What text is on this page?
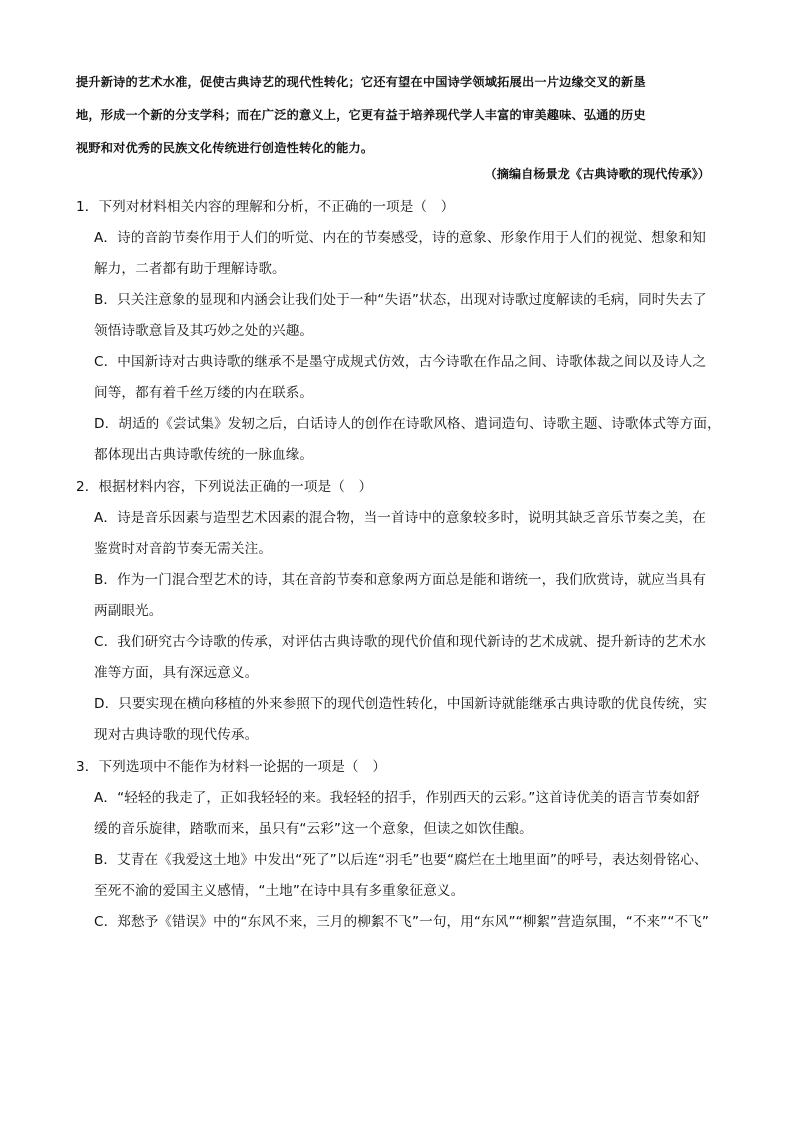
提升新诗的艺术水准，促使古典诗艺的现代性转化；它还有望在中国诗学领域拓展出一片边缘交叉的新垦
地，形成一个新的分支学科；而在广泛的意义上，它更有益于培养现代学人丰富的审美趣味、弘通的历史
视野和对优秀的民族文化传统进行创造性转化的能力。
（摘编自杨景龙《古典诗歌的现代传承》）
1．下列对材料相关内容的理解和分析，不正确的一项是（　）
A．诗的音韵节奏作用于人们的听觉、内在的节奏感受，诗的意象、形象作用于人们的视觉、想象和知
解力，二者都有助于理解诗歌。
B．只关注意象的显现和内涵会让我们处于一种“失语”状态，出现对诗歌过度解读的毛病，同时失去了
领悟诗歌意旨及其巧妙之处的兴趣。
C．中国新诗对古典诗歌的继承不是墨守成规式仿效，古今诗歌在作品之间、诗歌体裁之间以及诗人之
间等，都有着千丝万缕的内在联系。
D．胡适的《尝试集》发轫之后，白话诗人的创作在诗歌风格、遣词造句、诗歌主题、诗歌体式等方面，
都体现出古典诗歌传统的一脉血缘。
2．根据材料内容，下列说法正确的一项是（　）
A．诗是音乐因素与造型艺术因素的混合物，当一首诗中的意象较多时，说明其缺乏音乐节奏之美，在
鉴赏时对音韵节奏无需关注。
B．作为一门混合型艺术的诗，其在音韵节奏和意象两方面总是能和谐统一，我们欣赏诗，就应当具有
两副眼光。
C．我们研究古今诗歌的传承，对评估古典诗歌的现代价值和现代新诗的艺术成就、提升新诗的艺术水
准等方面，具有深远意义。
D．只要实现在横向移植的外来参照下的现代创造性转化，中国新诗就能继承古典诗歌的优良传统，实
现对古典诗歌的现代传承。
3．下列选项中不能作为材料一论据的一项是（　）
A．“轻轻的我走了，正如我轻轻的来。我轻轻的招手，作别西天的云彩。”这首诗优美的语言节奏如舒
缓的音乐旋律，踏歌而来，虽只有“云彩”这一个意象，但读之如饮佳酿。
B．艾青在《我爱这土地》中发出“死了”以后连“羽毛”也要“腐烂在土地里面”的呼号，表达刻骨铭心、
至死不渝的爱国主义感情，“土地”在诗中具有多重象征意义。
C．郑愁予《错误》中的“东风不来，三月的柳絮不飞”一句，用“东风”“柳絮”营造氛围，“不来”“不飞”
